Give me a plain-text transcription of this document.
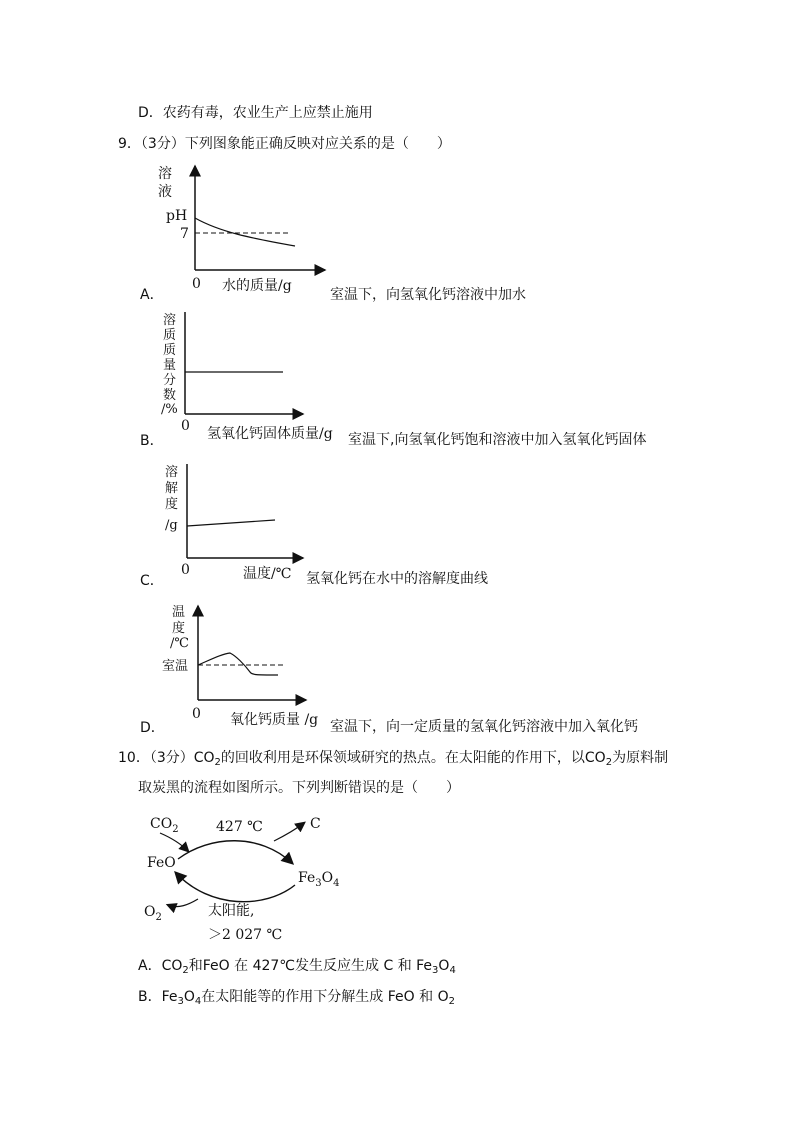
D．农药有毒，农业生产上应禁止施用
9．（3分）下列图象能正确反映对应关系的是（　　）
溶
液
pH
7
0 水的质量/g
A．	室温下，向氢氧化钙溶液中加水
溶
质
质
量
分
数
/%
0 氢氧化钙固体质量/g
B．	室温下,向氢氧化钙饱和溶液中加入氢氧化钙固体
溶
解
度
/g
0	温度/℃
C．	氢氧化钙在水中的溶解度曲线
温
度
/℃
室温
0 氧化钙质量 /g
D．	室温下，向一定质量的氢氧化钙溶液中加入氧化钙
10．（3分）$CO_2$的回收利用是环保领域研究的热点。在太阳能的作用下，以$CO_2$为原料制
取炭黑的流程如图所示。下列判断错误的是（　　）
$CO_2$	427 ℃	C
FeO
$Fe_3O_4$
$O_2$	太阳能,
＞2 027 ℃
A．$CO_2$和FeO 在 427℃发生反应生成 C 和 $Fe_3O_4$
B．$Fe_3O_4$在太阳能等的作用下分解生成 FeO 和 $O_2$
